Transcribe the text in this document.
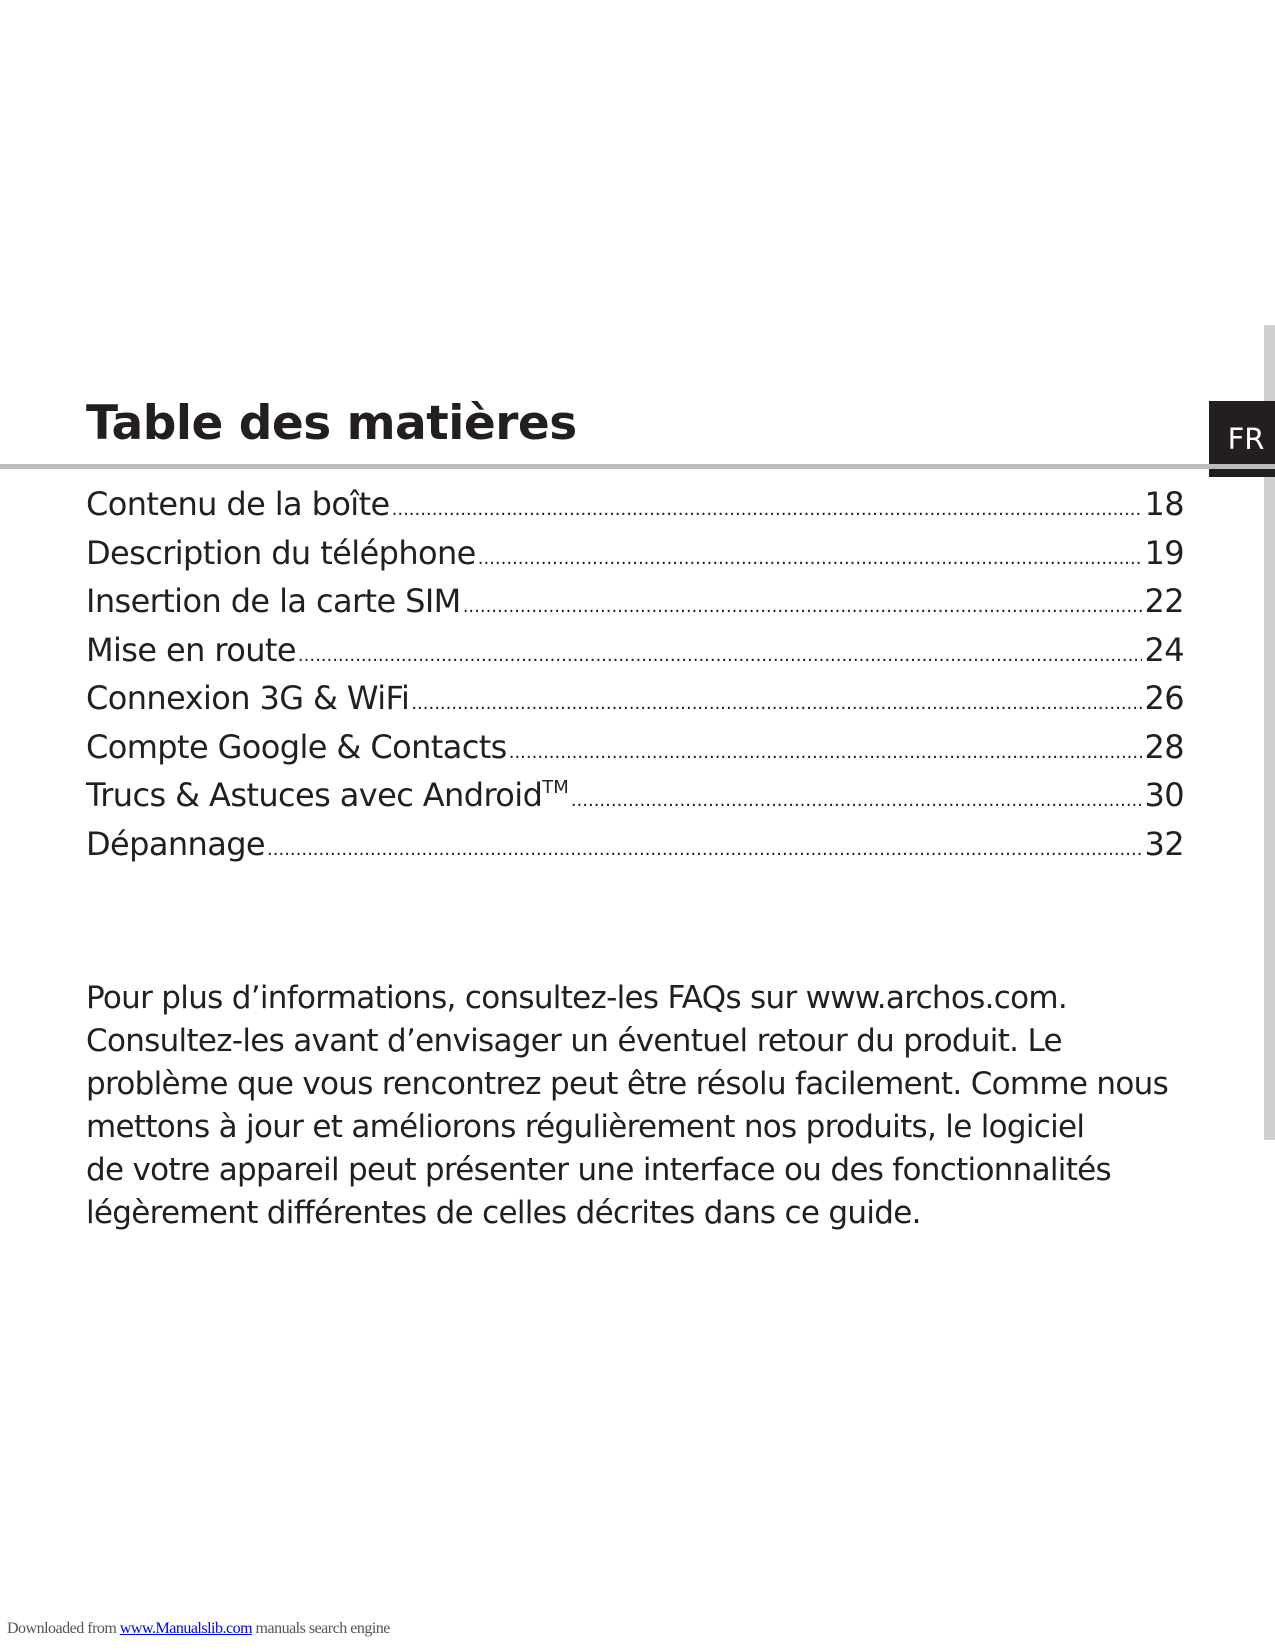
Table des matières	FR
Contenu de la boîte .....	18
Description du téléphone .....	19
Insertion de la carte SIM .....	22
Mise en route .....	24
Connexion 3G & WiFi .....	26
Compte Google & Contacts .....	28
Trucs & Astuces avec Android™ .....	30
Dépannage .....	32

Pour plus d’informations, consultez-les FAQs sur www.archos.com.
Consultez-les avant d’envisager un éventuel retour du produit. Le
problème que vous rencontrez peut être résolu facilement. Comme nous
mettons à jour et améliorons régulièrement nos produits, le logiciel
de votre appareil peut présenter une interface ou des fonctionnalités
légèrement différentes de celles décrites dans ce guide.

Downloaded from www.Manualslib.com manuals search engine
